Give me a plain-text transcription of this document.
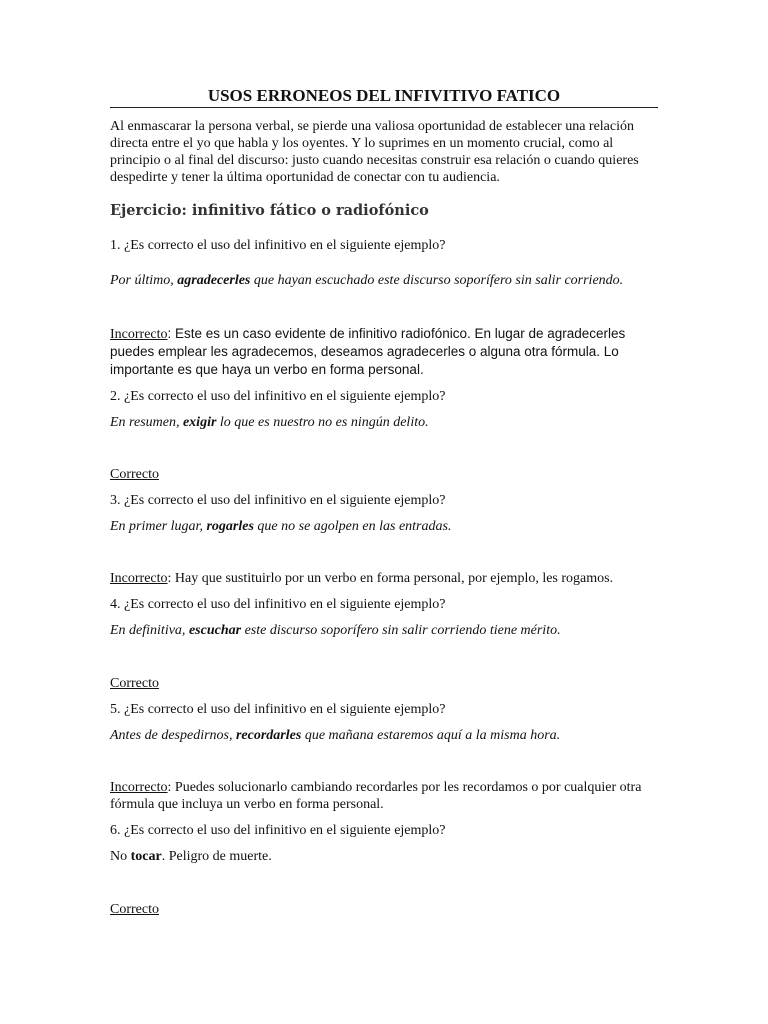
USOS ERRONEOS DEL INFIVITIVO FATICO

Al enmascarar la persona verbal, se pierde una valiosa oportunidad de establecer una relación directa entre el yo que habla y los oyentes. Y lo suprimes en un momento crucial, como al principio o al final del discurso: justo cuando necesitas construir esa relación o cuando quieres despedirte y tener la última oportunidad de conectar con tu audiencia.

Ejercicio: infinitivo fático o radiofónico

1. ¿Es correcto el uso del infinitivo en el siguiente ejemplo?

Por último, agradecerles que hayan escuchado este discurso soporífero sin salir corriendo.

Incorrecto: Este es un caso evidente de infinitivo radiofónico. En lugar de agradecerles puedes emplear les agradecemos, deseamos agradecerles o alguna otra fórmula. Lo importante es que haya un verbo en forma personal.

2. ¿Es correcto el uso del infinitivo en el siguiente ejemplo?

En resumen, exigir lo que es nuestro no es ningún delito.

Correcto

3. ¿Es correcto el uso del infinitivo en el siguiente ejemplo?

En primer lugar, rogarles que no se agolpen en las entradas.

Incorrecto: Hay que sustituirlo por un verbo en forma personal, por ejemplo, les rogamos.

4. ¿Es correcto el uso del infinitivo en el siguiente ejemplo?

En definitiva, escuchar este discurso soporífero sin salir corriendo tiene mérito.

Correcto

5. ¿Es correcto el uso del infinitivo en el siguiente ejemplo?

Antes de despedirnos, recordarles que mañana estaremos aquí a la misma hora.

Incorrecto: Puedes solucionarlo cambiando recordarles por les recordamos o por cualquier otra fórmula que incluya un verbo en forma personal.

6. ¿Es correcto el uso del infinitivo en el siguiente ejemplo?

No tocar. Peligro de muerte.

Correcto
